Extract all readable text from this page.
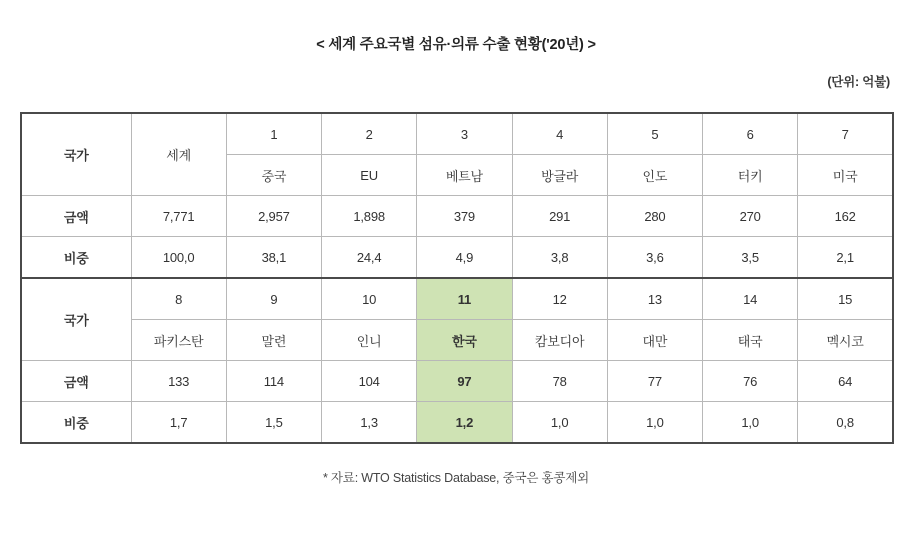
< 세계 주요국별 섬유·의류 수출 현황('20년) >
(단위: 억불)
국가	세계	1	2	3	4	5	6	7
		중국	EU	베트남	방글라	인도	터키	미국
금액	7,771	2,957	1,898	379	291	280	270	162
비중	100,0	38,1	24,4	4,9	3,8	3,6	3,5	2,1
국가	8	9	10	11	12	13	14	15
	파키스탄	말련	인니	한국	캄보디아	대만	태국	멕시코
금액	133	114	104	97	78	77	76	64
비중	1,7	1,5	1,3	1,2	1,0	1,0	1,0	0,8
* 자료: WTO Statistics Database, 중국은 홍콩제외
